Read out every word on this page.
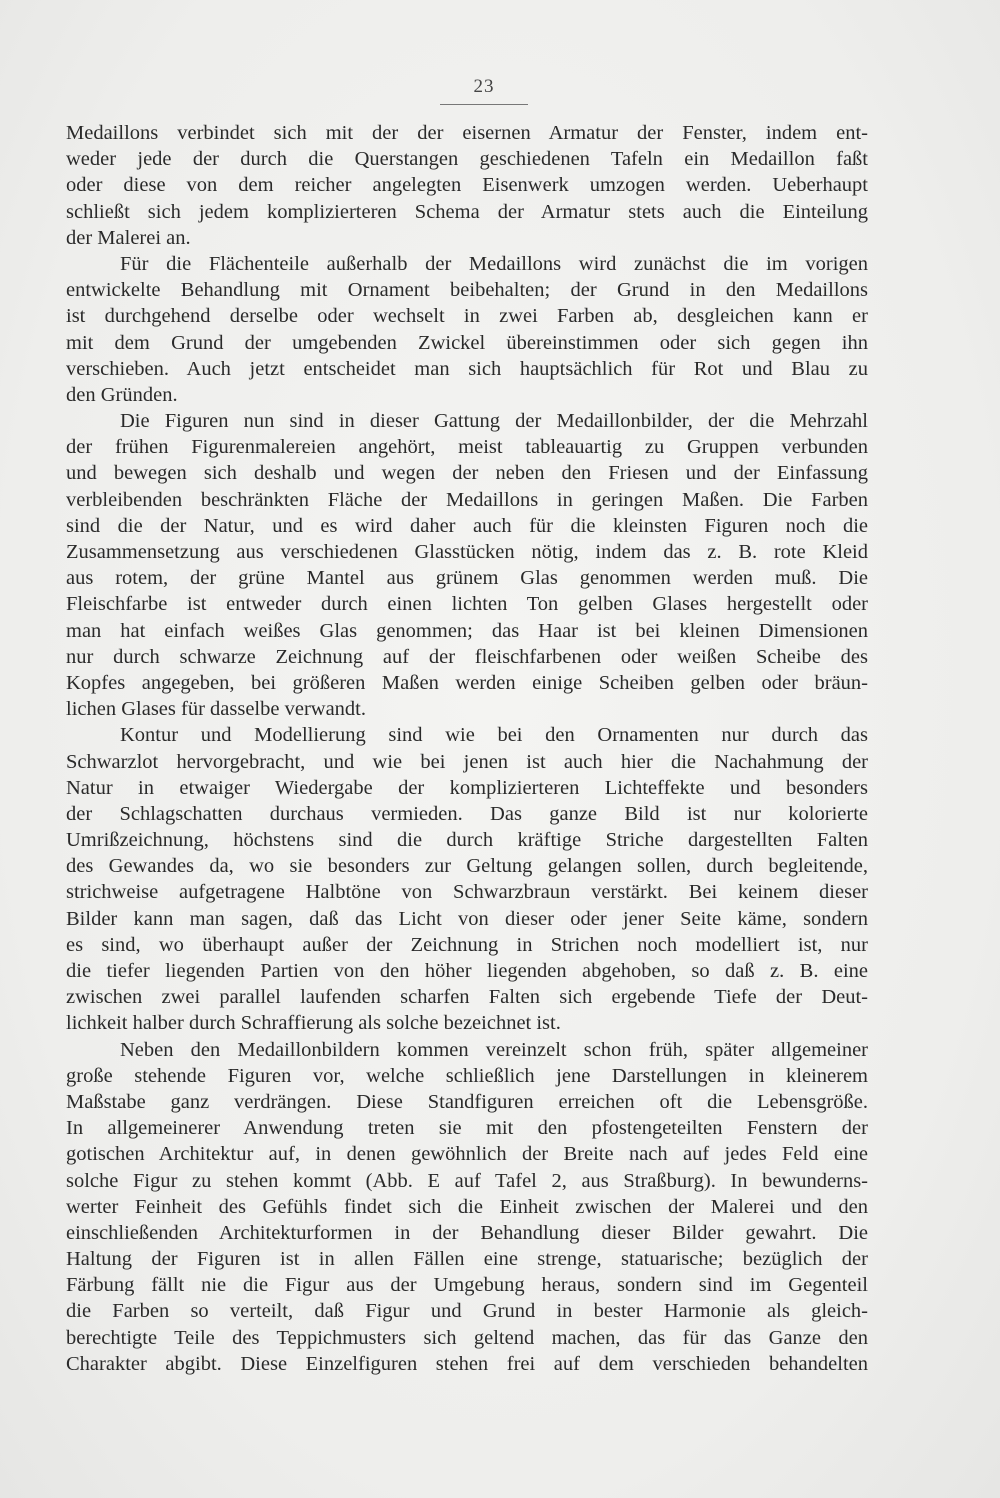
23
Medaillons verbindet sich mit der der eisernen Armatur der Fenster, indem ent-
weder jede der durch die Querstangen geschiedenen Tafeln ein Medaillon faßt
oder diese von dem reicher angelegten Eisenwerk umzogen werden. Ueberhaupt
schließt sich jedem komplizierteren Schema der Armatur stets auch die Einteilung
der Malerei an.
Für die Flächenteile außerhalb der Medaillons wird zunächst die im vorigen
entwickelte Behandlung mit Ornament beibehalten; der Grund in den Medaillons
ist durchgehend derselbe oder wechselt in zwei Farben ab, desgleichen kann er
mit dem Grund der umgebenden Zwickel übereinstimmen oder sich gegen ihn
verschieben. Auch jetzt entscheidet man sich hauptsächlich für Rot und Blau zu
den Gründen.
Die Figuren nun sind in dieser Gattung der Medaillonbilder, der die Mehrzahl
der frühen Figurenmalereien angehört, meist tableauartig zu Gruppen verbunden
und bewegen sich deshalb und wegen der neben den Friesen und der Einfassung
verbleibenden beschränkten Fläche der Medaillons in geringen Maßen. Die Farben
sind die der Natur, und es wird daher auch für die kleinsten Figuren noch die
Zusammensetzung aus verschiedenen Glasstücken nötig, indem das z. B. rote Kleid
aus rotem, der grüne Mantel aus grünem Glas genommen werden muß. Die
Fleischfarbe ist entweder durch einen lichten Ton gelben Glases hergestellt oder
man hat einfach weißes Glas genommen; das Haar ist bei kleinen Dimensionen
nur durch schwarze Zeichnung auf der fleischfarbenen oder weißen Scheibe des
Kopfes angegeben, bei größeren Maßen werden einige Scheiben gelben oder bräun-
lichen Glases für dasselbe verwandt.
Kontur und Modellierung sind wie bei den Ornamenten nur durch das
Schwarzlot hervorgebracht, und wie bei jenen ist auch hier die Nachahmung der
Natur in etwaiger Wiedergabe der komplizierteren Lichteffekte und besonders
der Schlagschatten durchaus vermieden. Das ganze Bild ist nur kolorierte
Umrißzeichnung, höchstens sind die durch kräftige Striche dargestellten Falten
des Gewandes da, wo sie besonders zur Geltung gelangen sollen, durch begleitende,
strichweise aufgetragene Halbtöne von Schwarzbraun verstärkt. Bei keinem dieser
Bilder kann man sagen, daß das Licht von dieser oder jener Seite käme, sondern
es sind, wo überhaupt außer der Zeichnung in Strichen noch modelliert ist, nur
die tiefer liegenden Partien von den höher liegenden abgehoben, so daß z. B. eine
zwischen zwei parallel laufenden scharfen Falten sich ergebende Tiefe der Deut-
lichkeit halber durch Schraffierung als solche bezeichnet ist.
Neben den Medaillonbildern kommen vereinzelt schon früh, später allgemeiner
große stehende Figuren vor, welche schließlich jene Darstellungen in kleinerem
Maßstabe ganz verdrängen. Diese Standfiguren erreichen oft die Lebensgröße.
In allgemeinerer Anwendung treten sie mit den pfostengeteilten Fenstern der
gotischen Architektur auf, in denen gewöhnlich der Breite nach auf jedes Feld eine
solche Figur zu stehen kommt (Abb. E auf Tafel 2, aus Straßburg). In bewunderns-
werter Feinheit des Gefühls findet sich die Einheit zwischen der Malerei und den
einschließenden Architekturformen in der Behandlung dieser Bilder gewahrt. Die
Haltung der Figuren ist in allen Fällen eine strenge, statuarische; bezüglich der
Färbung fällt nie die Figur aus der Umgebung heraus, sondern sind im Gegenteil
die Farben so verteilt, daß Figur und Grund in bester Harmonie als gleich-
berechtigte Teile des Teppichmusters sich geltend machen, das für das Ganze den
Charakter abgibt. Diese Einzelfiguren stehen frei auf dem verschieden behandelten
